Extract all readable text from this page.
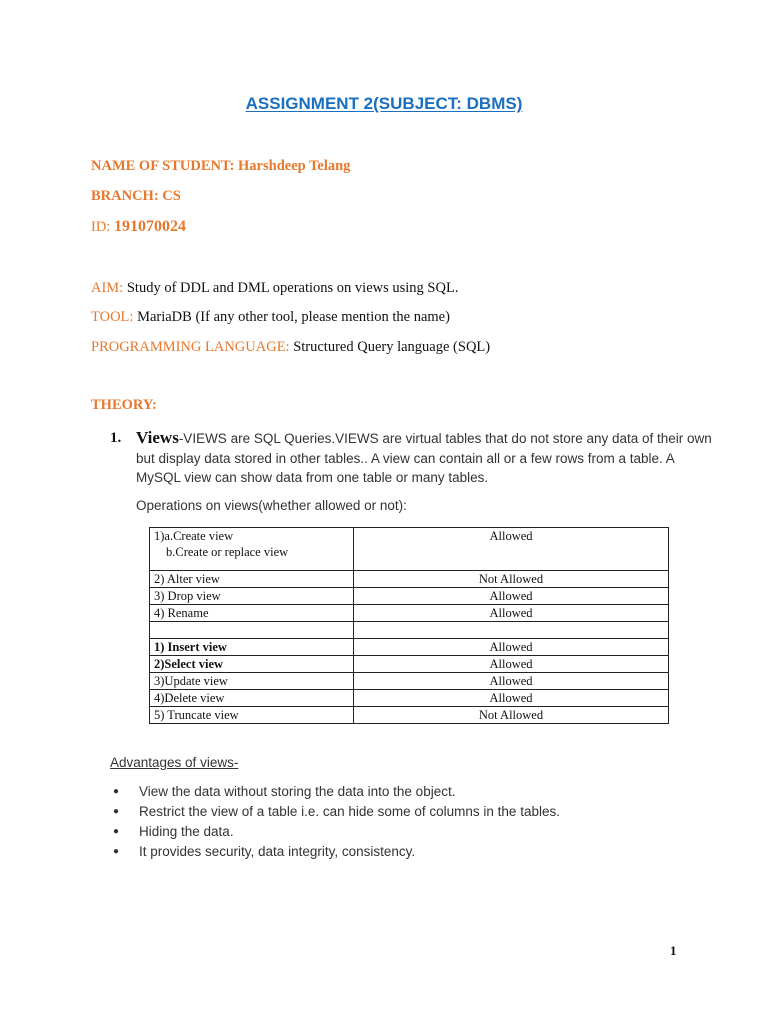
ASSIGNMENT 2(SUBJECT: DBMS)
NAME OF STUDENT: Harshdeep Telang
BRANCH: CS
ID: 191070024
AIM: Study of DDL and DML operations on views using SQL.
TOOL: MariaDB (If any other tool, please mention the name)
PROGRAMMING LANGUAGE: Structured Query language (SQL)
THEORY:
1. Views-VIEWS are SQL Queries.VIEWS are virtual tables that do not store any data of their own but display data stored in other tables.. A view can contain all or a few rows from a table. A MySQL view can show data from one table or many tables.
Operations on views(whether allowed or not):
1)a.Create view
b.Create or replace view	Allowed
2) Alter view	Not Allowed
3) Drop view	Allowed
4) Rename	Allowed

1) Insert view	Allowed
2)Select view	Allowed
3)Update view	Allowed
4)Delete view	Allowed
5) Truncate view	Not Allowed
Advantages of views-
● View the data without storing the data into the object.
● Restrict the view of a table i.e. can hide some of columns in the tables.
● Hiding the data.
● It provides security, data integrity, consistency.
1
